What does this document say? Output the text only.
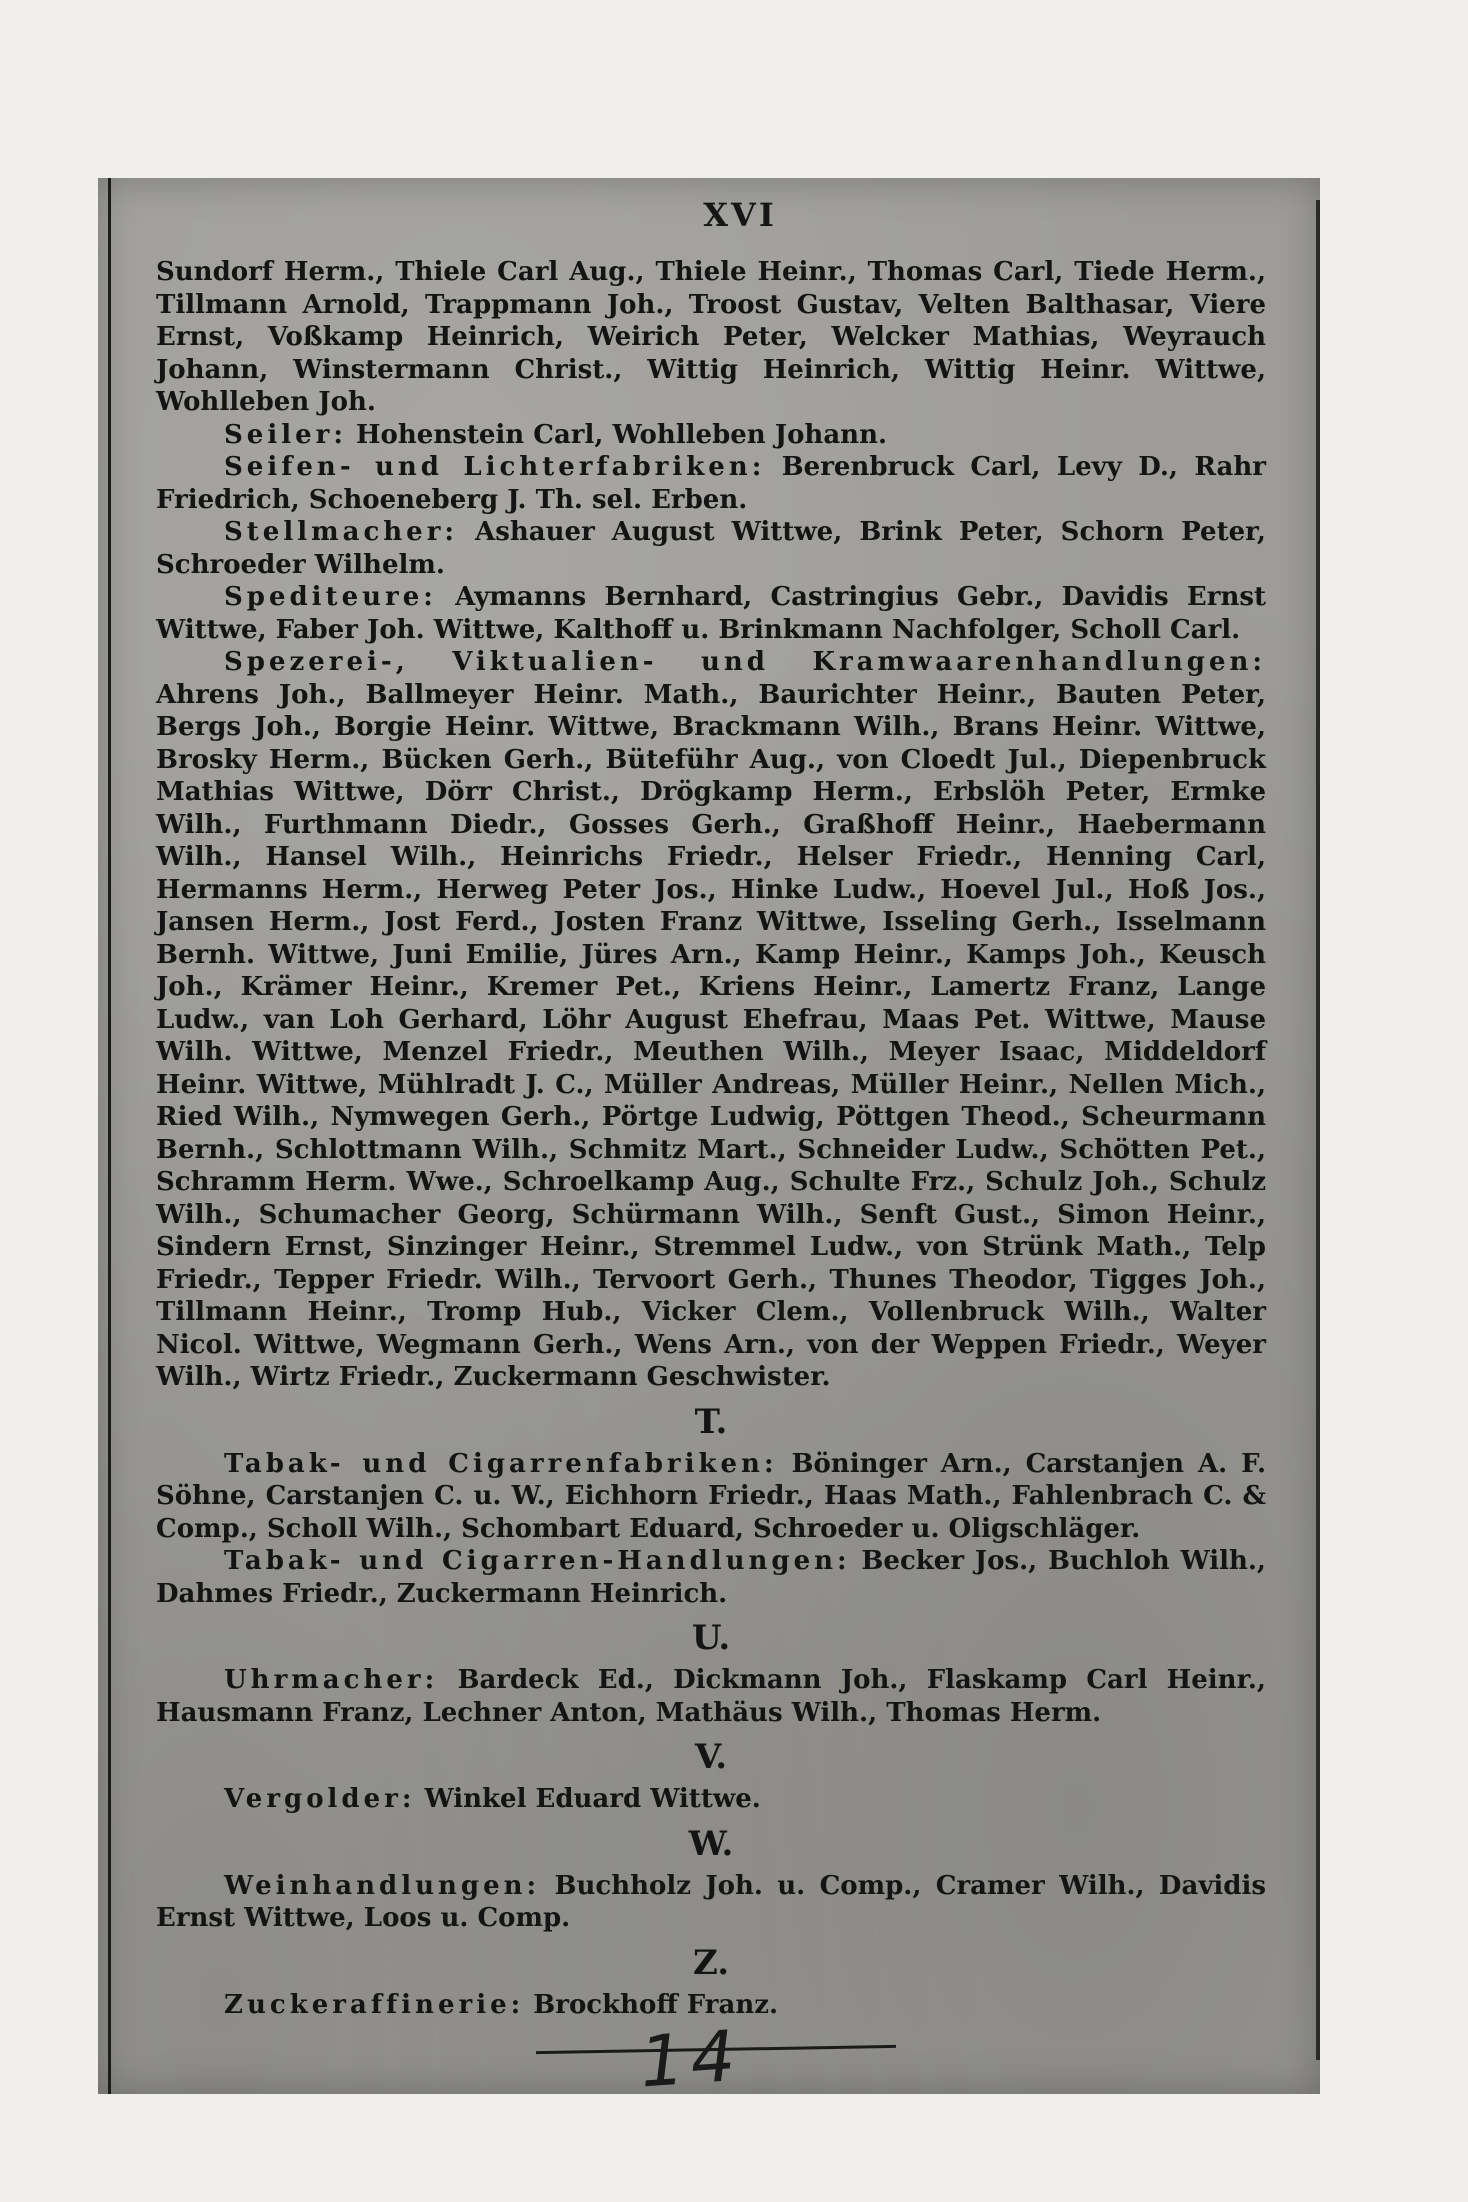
XVI

Sundorf Herm., Thiele Carl Aug., Thiele Heinr., Thomas Carl, Tiede Herm., Tillmann Arnold, Trappmann Joh., Troost Gustav, Velten Balthasar, Viere Ernst, Voßkamp Heinrich, Weirich Peter, Welcker Mathias, Weyrauch Johann, Winstermann Christ., Wittig Heinrich, Wittig Heinr. Wittwe, Wohlleben Joh.

Seiler: Hohenstein Carl, Wohlleben Johann.

Seifen- und Lichterfabriken: Berenbruck Carl, Levy D., Rahr Friedrich, Schoeneberg J. Th. sel. Erben.

Stellmacher: Ashauer August Wittwe, Brink Peter, Schorn Peter, Schroeder Wilhelm.

Spediteure: Aymanns Bernhard, Castringius Gebr., Davidis Ernst Wittwe, Faber Joh. Wittwe, Kalthoff u. Brinkmann Nachfolger, Scholl Carl.

Spezerei-, Viktualien- und Kramwaarenhandlungen: Ahrens Joh., Ballmeyer Heinr. Math., Baurichter Heinr., Bauten Peter, Bergs Joh., Borgie Heinr. Wittwe, Brackmann Wilh., Brans Heinr. Wittwe, Brosky Herm., Bücken Gerh., Büteführ Aug., von Cloedt Jul., Diepenbruck Mathias Wittwe, Dörr Christ., Drögkamp Herm., Erbslöh Peter, Ermke Wilh., Furthmann Diedr., Gosses Gerh., Graßhoff Heinr., Haebermann Wilh., Hansel Wilh., Heinrichs Friedr., Helser Friedr., Henning Carl, Hermanns Herm., Herweg Peter Jos., Hinke Ludw., Hoevel Jul., Hoß Jos., Jansen Herm., Jost Ferd., Josten Franz Wittwe, Isseling Gerh., Isselmann Bernh. Wittwe, Juni Emilie, Jüres Arn., Kamp Heinr., Kamps Joh., Keusch Joh., Krämer Heinr., Kremer Pet., Kriens Heinr., Lamertz Franz, Lange Ludw., van Loh Gerhard, Löhr August Ehefrau, Maas Pet. Wittwe, Mause Wilh. Wittwe, Menzel Friedr., Meuthen Wilh., Meyer Isaac, Middeldorf Heinr. Wittwe, Mühlradt J. C., Müller Andreas, Müller Heinr., Nellen Mich., Ried Wilh., Nymwegen Gerh., Pörtge Ludwig, Pöttgen Theod., Scheurmann Bernh., Schlottmann Wilh., Schmitz Mart., Schneider Ludw., Schötten Pet., Schramm Herm. Wwe., Schroelkamp Aug., Schulte Frz., Schulz Joh., Schulz Wilh., Schumacher Georg, Schürmann Wilh., Senft Gust., Simon Heinr., Sindern Ernst, Sinzinger Heinr., Stremmel Ludw., von Strünk Math., Telp Friedr., Tepper Friedr. Wilh., Tervoort Gerh., Thunes Theodor, Tigges Joh., Tillmann Heinr., Tromp Hub., Vicker Clem., Vollenbruck Wilh., Walter Nicol. Wittwe, Wegmann Gerh., Wens Arn., von der Weppen Friedr., Weyer Wilh., Wirtz Friedr., Zuckermann Geschwister.

T.

Tabak- und Cigarrenfabriken: Böninger Arn., Carstanjen A. F. Söhne, Carstanjen C. u. W., Eichhorn Friedr., Haas Math., Fahlenbrach C. & Comp., Scholl Wilh., Schombart Eduard, Schroeder u. Oligschläger.

Tabak- und Cigarren-Handlungen: Becker Jos., Buchloh Wilh., Dahmes Friedr., Zuckermann Heinrich.

U.

Uhrmacher: Bardeck Ed., Dickmann Joh., Flaskamp Carl Heinr., Hausmann Franz, Lechner Anton, Mathäus Wilh., Thomas Herm.

V.

Vergolder: Winkel Eduard Wittwe.

W.

Weinhandlungen: Buchholz Joh. u. Comp., Cramer Wilh., Davidis Ernst Wittwe, Loos u. Comp.

Z.

Zuckeraffinerie: Brockhoff Franz.

14
